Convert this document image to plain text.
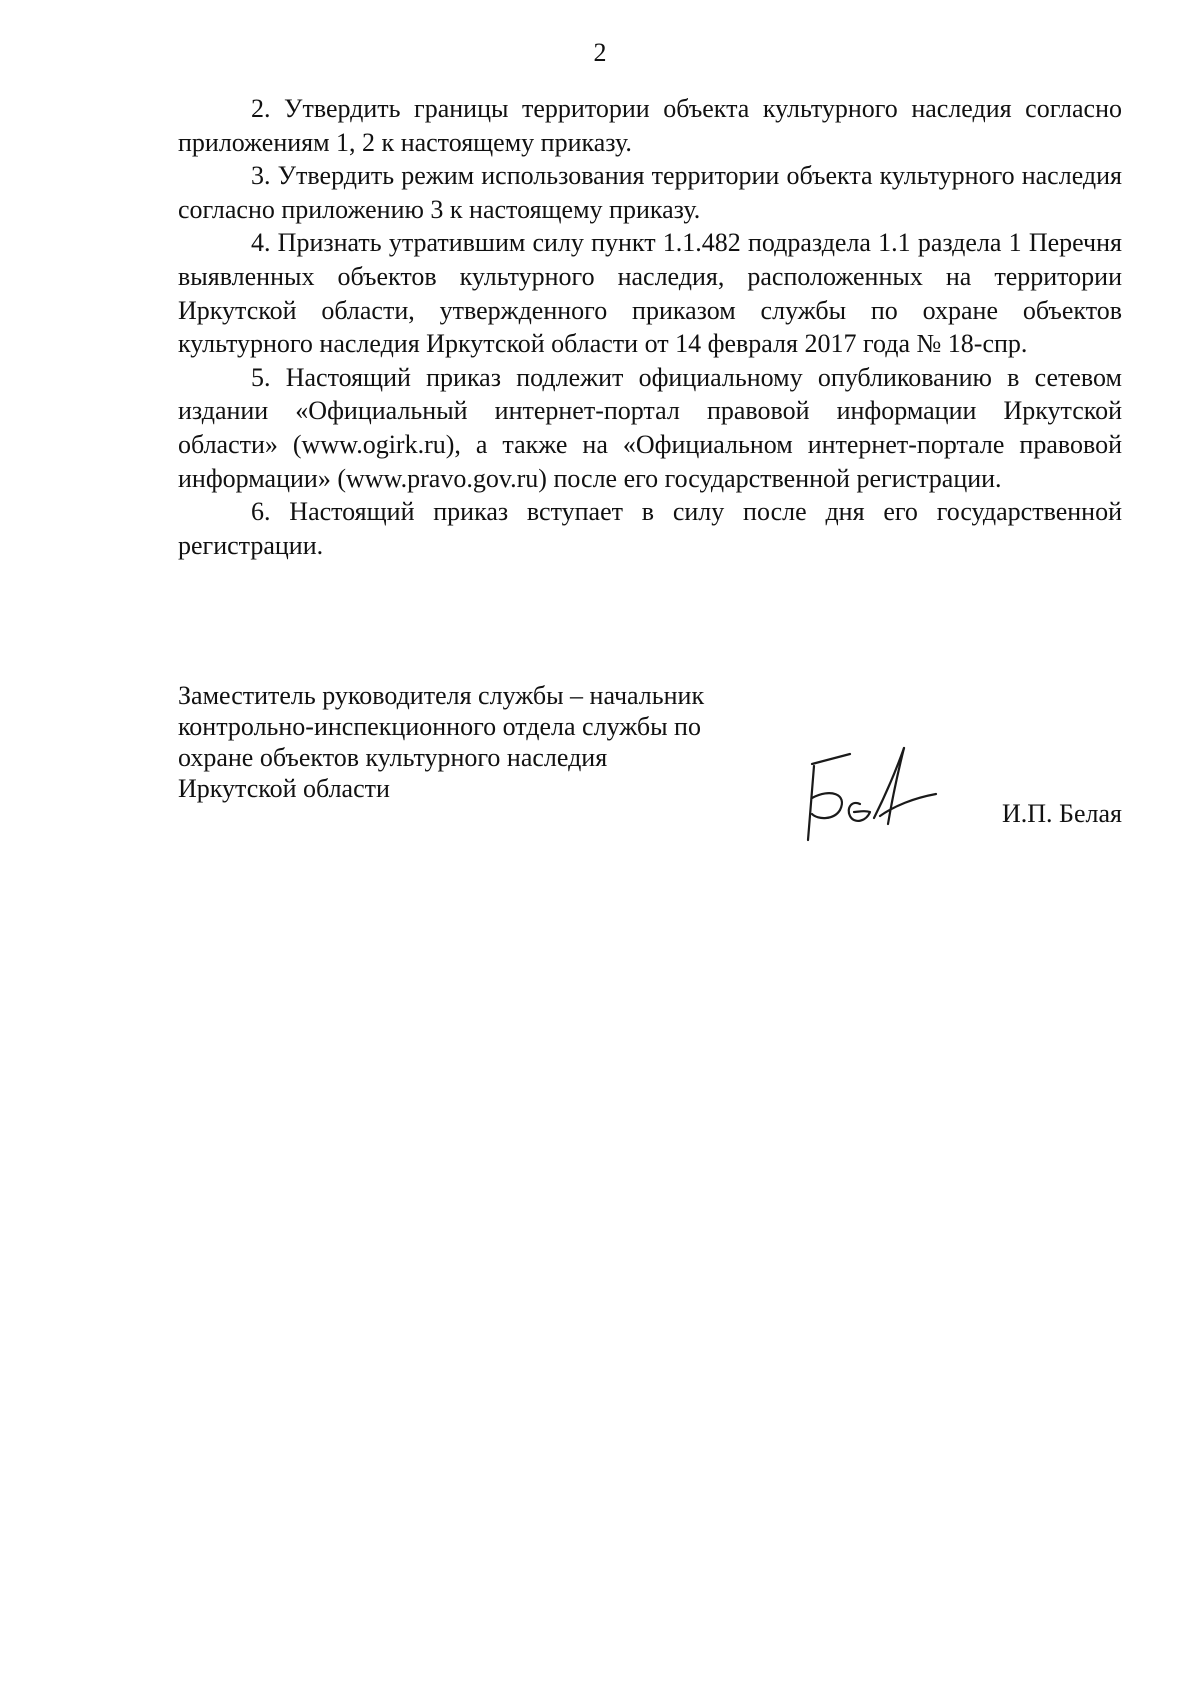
2

2. Утвердить границы территории объекта культурного наследия согласно приложениям 1, 2 к настоящему приказу.

3. Утвердить режим использования территории объекта культурного наследия согласно приложению 3 к настоящему приказу.

4. Признать утратившим силу пункт 1.1.482 подраздела 1.1 раздела 1 Перечня выявленных объектов культурного наследия, расположенных на территории Иркутской области, утвержденного приказом службы по охране объектов культурного наследия Иркутской области от 14 февраля 2017 года № 18-спр.

5. Настоящий приказ подлежит официальному опубликованию в сетевом издании «Официальный интернет-портал правовой информации Иркутской области» (www.ogirk.ru), а также на «Официальном интернет-портале правовой информации» (www.pravo.gov.ru) после его государственной регистрации.

6. Настоящий приказ вступает в силу после дня его государственной регистрации.

Заместитель руководителя службы – начальник
контрольно-инспекционного отдела службы по
охране объектов культурного наследия
Иркутской области
И.П. Белая
